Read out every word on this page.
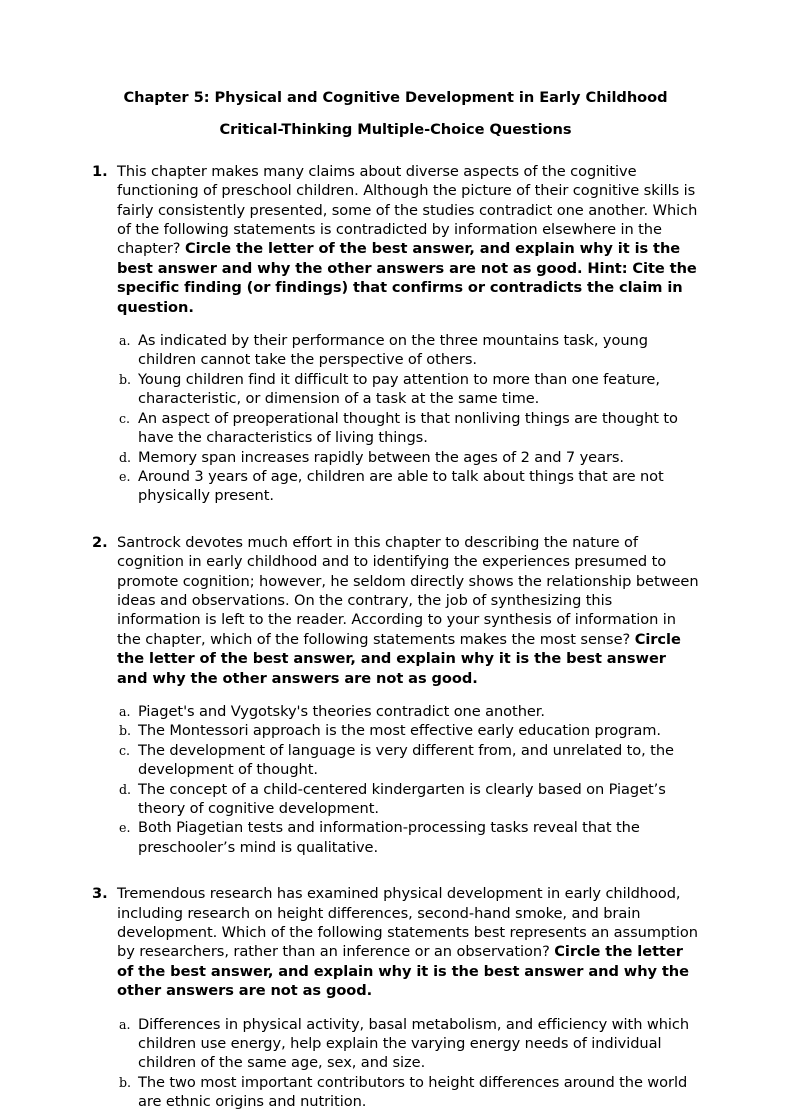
Chapter 5: Physical and Cognitive Development in Early Childhood
Critical-Thinking Multiple-Choice Questions
1. This chapter makes many claims about diverse aspects of the cognitive functioning of preschool children. Although the picture of their cognitive skills is fairly consistently presented, some of the studies contradict one another. Which of the following statements is contradicted by information elsewhere in the chapter? Circle the letter of the best answer, and explain why it is the best answer and why the other answers are not as good. Hint: Cite the specific finding (or findings) that confirms or contradicts the claim in question.
a. As indicated by their performance on the three mountains task, young children cannot take the perspective of others.
b. Young children find it difficult to pay attention to more than one feature, characteristic, or dimension of a task at the same time.
c. An aspect of preoperational thought is that nonliving things are thought to have the characteristics of living things.
d. Memory span increases rapidly between the ages of 2 and 7 years.
e. Around 3 years of age, children are able to talk about things that are not physically present.
2. Santrock devotes much effort in this chapter to describing the nature of cognition in early childhood and to identifying the experiences presumed to promote cognition; however, he seldom directly shows the relationship between ideas and observations. On the contrary, the job of synthesizing this information is left to the reader. According to your synthesis of information in the chapter, which of the following statements makes the most sense? Circle the letter of the best answer, and explain why it is the best answer and why the other answers are not as good.
a. Piaget's and Vygotsky's theories contradict one another.
b. The Montessori approach is the most effective early education program.
c. The development of language is very different from, and unrelated to, the development of thought.
d. The concept of a child-centered kindergarten is clearly based on Piaget’s theory of cognitive development.
e. Both Piagetian tests and information-processing tasks reveal that the preschooler’s mind is qualitative.
3. Tremendous research has examined physical development in early childhood, including research on height differences, second-hand smoke, and brain development. Which of the following statements best represents an assumption by researchers, rather than an inference or an observation? Circle the letter of the best answer, and explain why it is the best answer and why the other answers are not as good.
a. Differences in physical activity, basal metabolism, and efficiency with which children use energy, help explain the varying energy needs of individual children of the same age, sex, and size.
b. The two most important contributors to height differences around the world are ethnic origins and nutrition.
